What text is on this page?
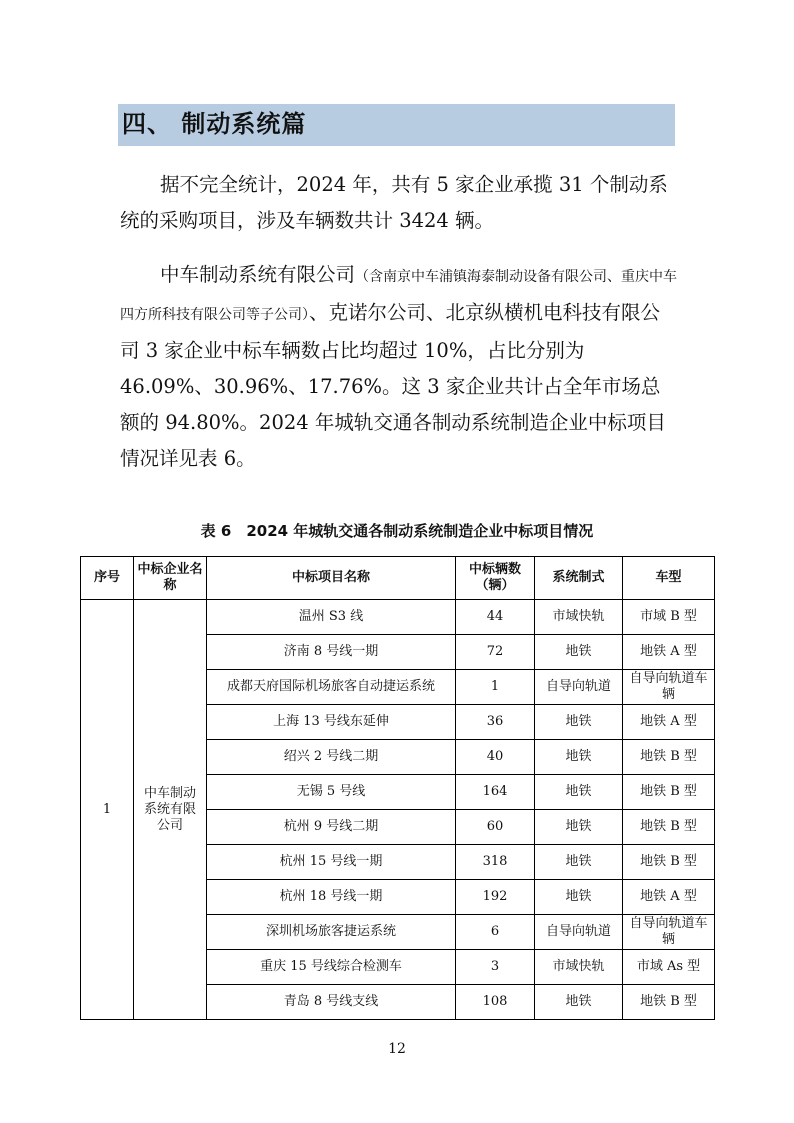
四、 制动系统篇
据不完全统计，2024 年，共有 5 家企业承揽 31 个制动系统的采购项目，涉及车辆数共计 3424 辆。
中车制动系统有限公司（含南京中车浦镇海泰制动设备有限公司、重庆中车四方所科技有限公司等子公司）、克诺尔公司、北京纵横机电科技有限公司 3 家企业中标车辆数占比均超过 10%，占比分别为 46.09%、30.96%、17.76%。这 3 家企业共计占全年市场总额的 94.80%。2024 年城轨交通各制动系统制造企业中标项目情况详见表 6。
表 6　2024 年城轨交通各制动系统制造企业中标项目情况
序号	中标企业名称	中标项目名称	中标辆数（辆）	系统制式	车型
1	中车制动系统有限公司	温州 S3 线	44	市域快轨	市域 B 型
		济南 8 号线一期	72	地铁	地铁 A 型
		成都天府国际机场旅客自动捷运系统	1	自导向轨道	自导向轨道车辆
		上海 13 号线东延伸	36	地铁	地铁 A 型
		绍兴 2 号线二期	40	地铁	地铁 B 型
		无锡 5 号线	164	地铁	地铁 B 型
		杭州 9 号线二期	60	地铁	地铁 B 型
		杭州 15 号线一期	318	地铁	地铁 B 型
		杭州 18 号线一期	192	地铁	地铁 A 型
		深圳机场旅客捷运系统	6	自导向轨道	自导向轨道车辆
		重庆 15 号线综合检测车	3	市域快轨	市域 As 型
		青岛 8 号线支线	108	地铁	地铁 B 型
12
